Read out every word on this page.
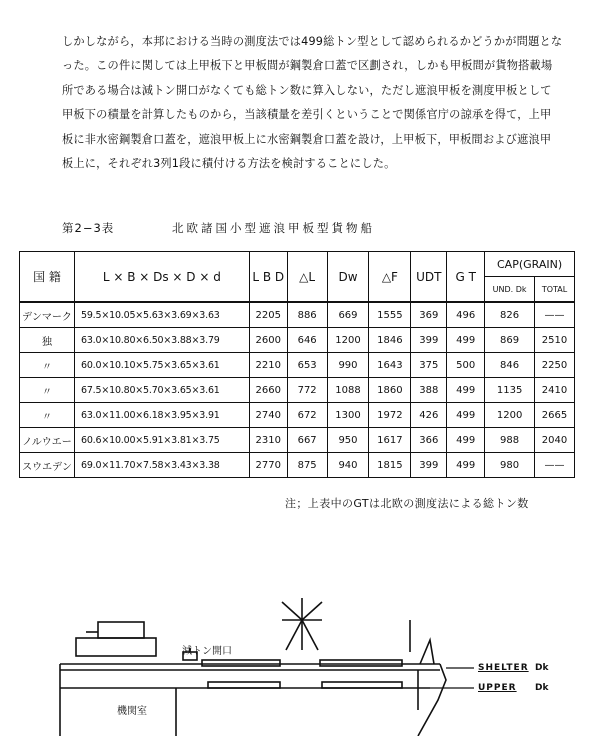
しかしながら，本邦における当時の測度法では499総トン型として認められるかどうかが問題とな
った。この件に関しては上甲板下と甲板間が鋼製倉口蓋で区劃され，しかも甲板間が貨物搭載場
所である場合は減トン開口がなくても総トン数に算入しない，ただし遮浪甲板を測度甲板として
甲板下の積量を計算したものから，当該積量を差引くということで関係官庁の諒承を得て，上甲
板に非水密鋼製倉口蓋を，遮浪甲板上に水密鋼製倉口蓋を設け，上甲板下，甲板間および遮浪甲
板上に，それぞれ3列1段に積付ける方法を検討することにした。
第2−3表	北欧諸国小型遮浪甲板型貨物船
国 籍	L × B × Ds × D × d	L B D	△L	Dw	△F	UDT	G T	CAP(GRAIN)	
								UND. Dk	TOTAL
デンマーク	59.5×10.05×5.63×3.69×3.63	2205	886	669	1555	369	496	826	——
独	63.0×10.80×6.50×3.88×3.79	2600	646	1200	1846	399	499	869	2510
〃	60.0×10.10×5.75×3.65×3.61	2210	653	990	1643	375	500	846	2250
〃	67.5×10.80×5.70×3.65×3.61	2660	772	1088	1860	388	499	1135	2410
〃	63.0×11.00×6.18×3.95×3.91	2740	672	1300	1972	426	499	1200	2665
ノルウエー	60.6×10.00×5.91×3.81×3.75	2310	667	950	1617	366	499	988	2040
スウエデン	69.0×11.70×7.58×3.43×3.38	2770	875	940	1815	399	499	980	——
注；上表中のGTは北欧の測度法による総トン数
減トン開口
機関室
SHELTER Dk
UPPER Dk
